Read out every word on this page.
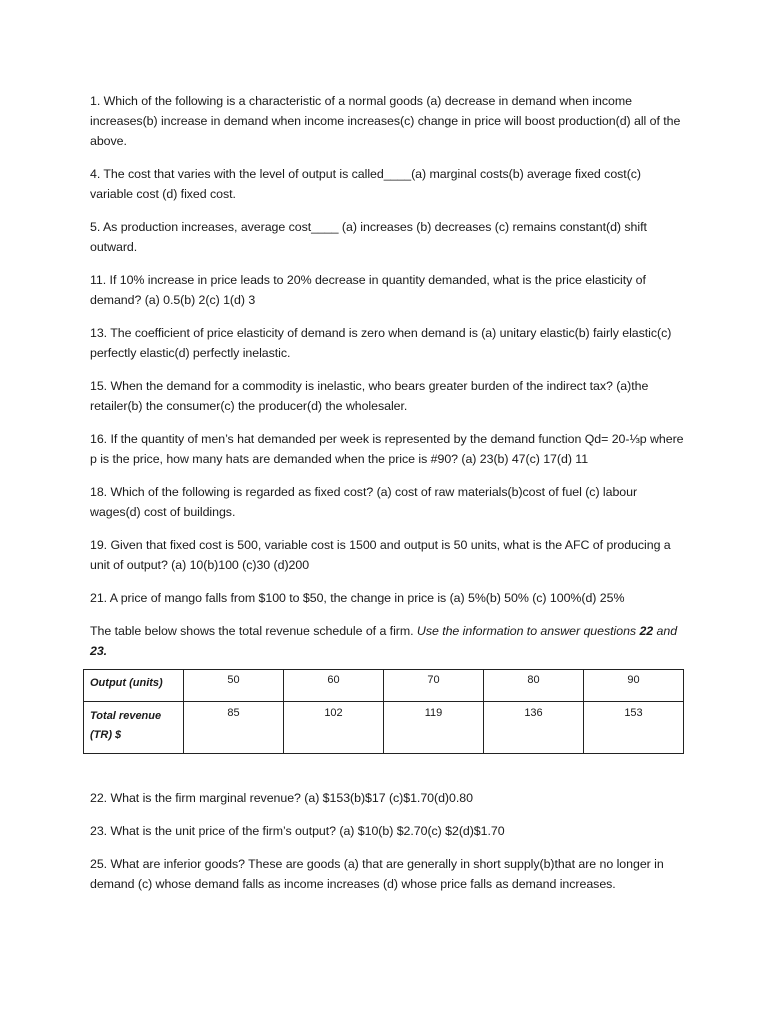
1. Which of the following is a characteristic of a normal goods (a) decrease in demand when income increases(b) increase in demand when income increases(c) change in price will boost production(d) all of the above.

4. The cost that varies with the level of output is called____(a) marginal costs(b) average fixed cost(c) variable cost (d) fixed cost.

5. As production increases, average cost____ (a) increases (b) decreases (c) remains constant(d) shift outward.

11. If 10% increase in price leads to 20% decrease in quantity demanded, what is the price elasticity of demand? (a) 0.5(b) 2(c) 1(d) 3

13. The coefficient of price elasticity of demand is zero when demand is (a) unitary elastic(b) fairly elastic(c) perfectly elastic(d) perfectly inelastic.

15. When the demand for a commodity is inelastic, who bears greater burden of the indirect tax? (a)the retailer(b) the consumer(c) the producer(d) the wholesaler.

16. If the quantity of men’s hat demanded per week is represented by the demand function Qd= 20-⅓p where p is the price, how many hats are demanded when the price is #90? (a) 23(b) 47(c) 17(d) 11

18. Which of the following is regarded as fixed cost? (a) cost of raw materials(b)cost of fuel (c) labour wages(d) cost of buildings.

19. Given that fixed cost is 500, variable cost is 1500 and output is 50 units, what is the AFC of producing a unit of output? (a) 10(b)100 (c)30 (d)200

21. A price of mango falls from $100 to $50, the change in price is (a) 5%(b) 50% (c) 100%(d) 25%

The table below shows the total revenue schedule of a firm. Use the information to answer questions 22 and 23.

Output (units)	50	60	70	80	90
Total revenue (TR) $	85	102	119	136	153

22. What is the firm marginal revenue? (a) $153(b)$17 (c)$1.70(d)0.80

23. What is the unit price of the firm’s output? (a) $10(b) $2.70(c) $2(d)$1.70

25. What are inferior goods? These are goods (a) that are generally in short supply(b)that are no longer in demand (c) whose demand falls as income increases (d) whose price falls as demand increases.
